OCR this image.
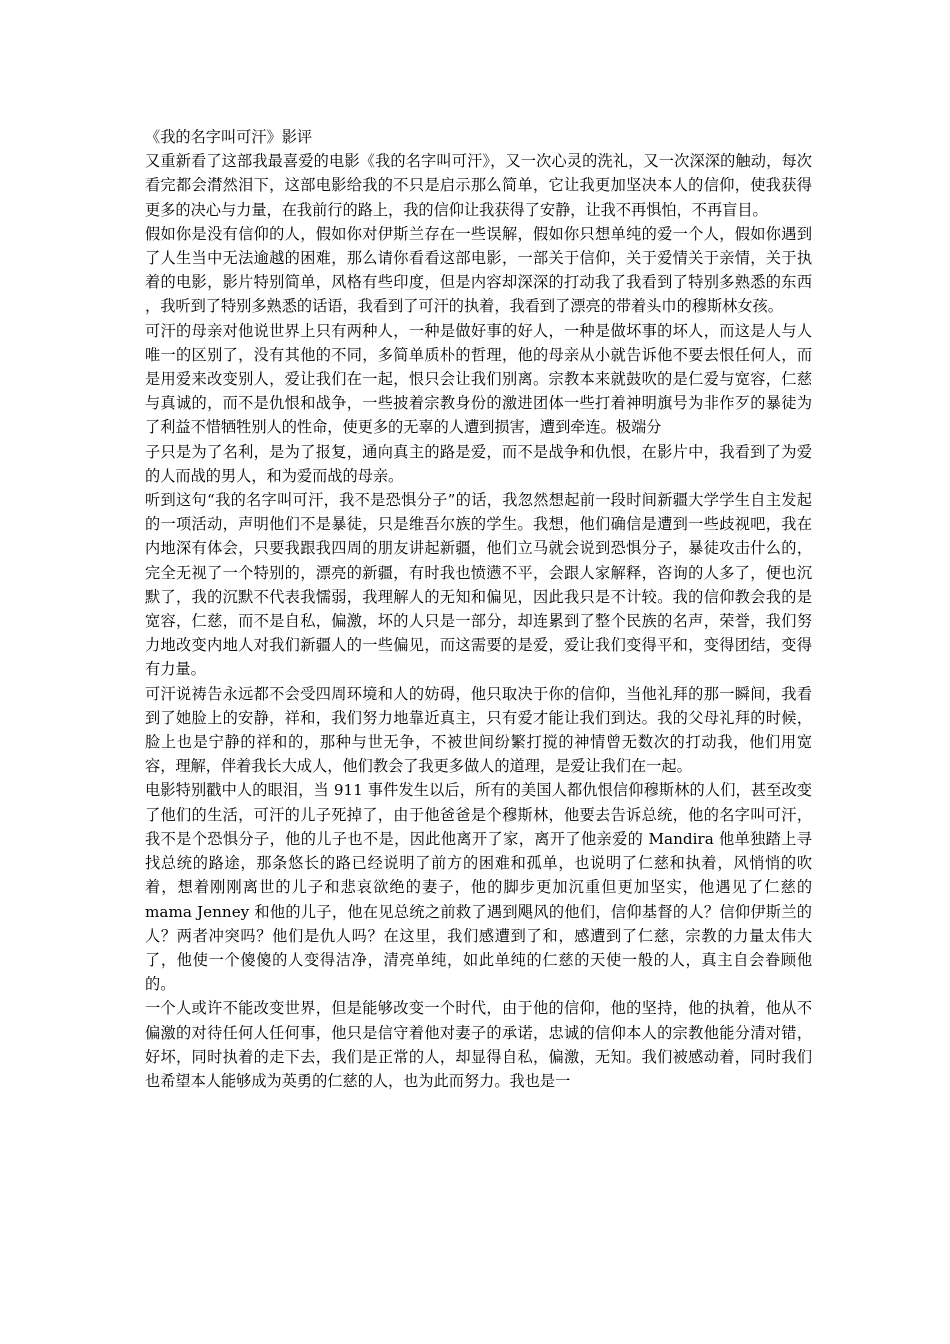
《我的名字叫可汗》影评

又重新看了这部我最喜爱的电影《我的名字叫可汗》，又一次心灵的洗礼，又一次深深的触动，每次看完都会潸然泪下，这部电影给我的不只是启示那么简单，它让我更加坚决本人的信仰，使我获得更多的决心与力量，在我前行的路上，我的信仰让我获得了安静，让我不再惧怕，不再盲目。

假如你是没有信仰的人，假如你对伊斯兰存在一些误解，假如你只想单纯的爱一个人，假如你遇到了人生当中无法逾越的困难，那么请你看看这部电影，一部关于信仰，关于爱情关于亲情，关于执着的电影，影片特别简单，风格有些印度，但是内容却深深的打动我了我看到了特别多熟悉的东西 ，我听到了特别多熟悉的话语，我看到了可汗的执着，我看到了漂亮的带着头巾的穆斯林女孩。

可汗的母亲对他说世界上只有两种人，一种是做好事的好人，一种是做坏事的坏人，而这是人与人唯一的区别了，没有其他的不同，多简单质朴的哲理，他的母亲从小就告诉他不要去恨任何人，而是用爱来改变别人，爱让我们在一起，恨只会让我们别离。宗教本来就鼓吹的是仁爱与宽容，仁慈与真诚的，而不是仇恨和战争，一些披着宗教身份的激进团体一些打着神明旗号为非作歹的暴徒为了利益不惜牺牲别人的性命，使更多的无辜的人遭到损害，遭到牵连。极端分

子只是为了名利，是为了报复，通向真主的路是爱，而不是战争和仇恨，在影片中，我看到了为爱的人而战的男人，和为爱而战的母亲。

听到这句“我的名字叫可汗，我不是恐惧分子”的话，我忽然想起前一段时间新疆大学学生自主发起的一项活动，声明他们不是暴徒，只是维吾尔族的学生。我想，他们确信是遭到一些歧视吧，我在内地深有体会，只要我跟我四周的朋友讲起新疆，他们立马就会说到恐惧分子，暴徒攻击什么的，完全无视了一个特别的，漂亮的新疆，有时我也愤懑不平，会跟人家解释，咨询的人多了，便也沉默了，我的沉默不代表我懦弱，我理解人的无知和偏见，因此我只是不计较。我的信仰教会我的是宽容，仁慈，而不是自私，偏激，坏的人只是一部分，却连累到了整个民族的名声，荣誉，我们努力地改变内地人对我们新疆人的一些偏见，而这需要的是爱，爱让我们变得平和，变得团结，变得有力量。

可汗说祷告永远都不会受四周环境和人的妨碍，他只取决于你的信仰，当他礼拜的那一瞬间，我看到了她脸上的安静，祥和，我们努力地靠近真主，只有爱才能让我们到达。我的父母礼拜的时候，脸上也是宁静的祥和的，那种与世无争，不被世间纷繁打搅的神情曾无数次的打动我，他们用宽容，理解，伴着我长大成人，他们教会了我更多做人的道理，是爱让我们在一起。

电影特别戳中人的眼泪，当 911 事件发生以后，所有的美国人都仇恨信仰穆斯林的人们，甚至改变了他们的生活，可汗的儿子死掉了，由于他爸爸是个穆斯林，他要去告诉总统，他的名字叫可汗，我不是个恐惧分子，他的儿子也不是，因此他离开了家，离开了他亲爱的 Mandira 他单独踏上寻找总统的路途，那条悠长的路已经说明了前方的困难和孤单，也说明了仁慈和执着，风悄悄的吹着，想着刚刚离世的儿子和悲哀欲绝的妻子，他的脚步更加沉重但更加坚实，他遇见了仁慈的 mama Jenney 和他的儿子，他在见总统之前救了遇到飓风的他们，信仰基督的人？信仰伊斯兰的人？两者冲突吗？他们是仇人吗？在这里，我们感遭到了和，感遭到了仁慈，宗教的力量太伟大了，他使一个傻傻的人变得洁净，清亮单纯，如此单纯的仁慈的天使一般的人，真主自会眷顾他的。

一个人或许不能改变世界，但是能够改变一个时代，由于他的信仰，他的坚持，他的执着，他从不偏激的对待任何人任何事，他只是信守着他对妻子的承诺，忠诚的信仰本人的宗教他能分清对错，好坏，同时执着的走下去，我们是正常的人，却显得自私，偏激，无知。我们被感动着，同时我们也希望本人能够成为英勇的仁慈的人，也为此而努力。我也是一
